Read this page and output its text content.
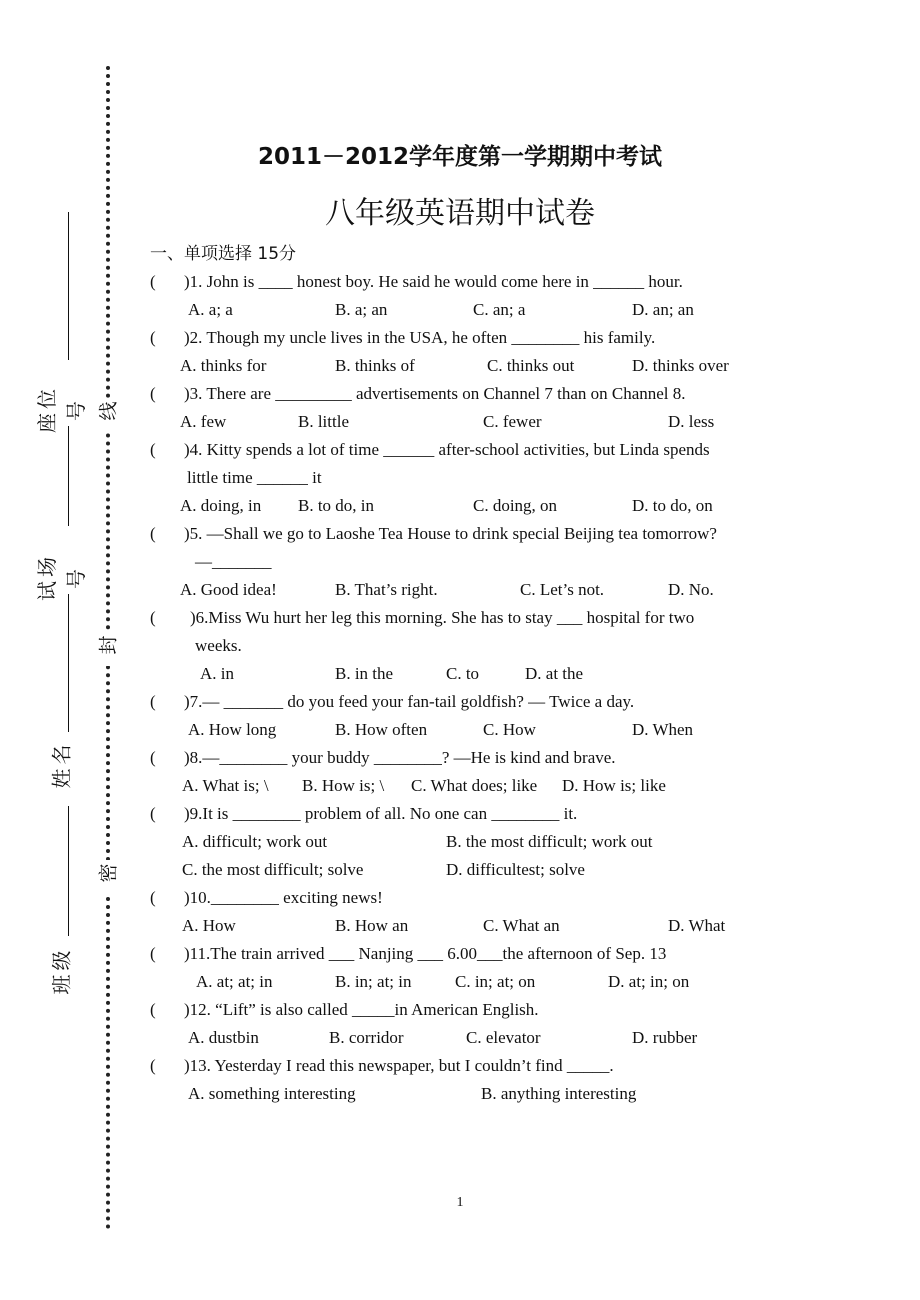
线
封
密
座位号
试场号
姓名
班级
2011－2012学年度第一学期期中考试
八年级英语期中试卷
一、单项选择 15分
( )1. John is ____ honest boy. He said he would come here in ______ hour.
A. a; a	B. a; an	C. an; a	D. an; an
( )2. Though my uncle lives in the USA, he often ________ his family.
A. thinks for	B. thinks of	C. thinks out	D. thinks over
( )3. There are _________ advertisements on Channel 7 than on Channel 8.
A. few	B. little	C. fewer	D. less
( )4. Kitty spends a lot of time ______ after-school activities, but Linda spends
little time ______ it
A. doing, in B. to do, in	C. doing, on	D. to do, on
( )5. —Shall we go to Laoshe Tea House to drink special Beijing tea tomorrow?
—_______
A. Good idea!	B. That’s right.	C. Let’s not.	D. No.
( )6.Miss Wu hurt her leg this morning. She has to stay ___ hospital for two
weeks.
A. in	B. in the	C. to	D. at the
( )7.— _______ do you feed your fan-tail goldfish? — Twice a day.
A. How long	B. How often	C. How	D. When
( )8.—________ your buddy ________? —He is kind and brave.
A. What is; \ B. How is; \ C. What does; like D. How is; like
( )9.It is ________ problem of all. No one can ________ it.
A. difficult; work out	B. the most difficult; work out
C. the most difficult; solve	D. difficultest; solve
( )10.________ exciting news!
A. How	B. How an	C. What an	D. What
( )11.The train arrived ___ Nanjing ___ 6.00___the afternoon of Sep. 13
A. at; at; in	B. in; at; in	C. in; at; on	D. at; in; on
( )12. “Lift” is also called _____in American English.
A. dustbin	B. corridor	C. elevator	D. rubber
( )13. Yesterday I read this newspaper, but I couldn’t find _____.
A. something interesting	B. anything interesting
1
